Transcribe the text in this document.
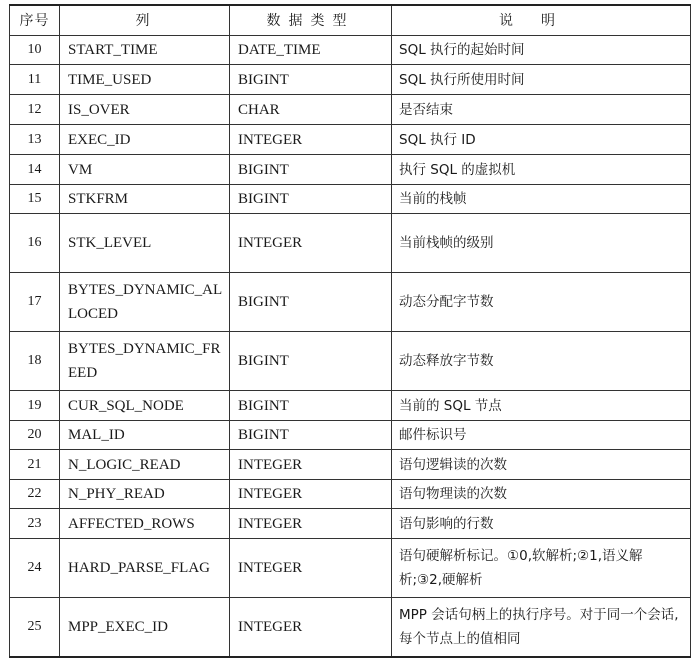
序号	列	数据类型	说明
10	START_TIME	DATE_TIME	SQL 执行的起始时间
11	TIME_USED	BIGINT	SQL 执行所使用时间
12	IS_OVER	CHAR	是否结束
13	EXEC_ID	INTEGER	SQL 执行 ID
14	VM	BIGINT	执行 SQL 的虚拟机
15	STKFRM	BIGINT	当前的栈帧
16	STK_LEVEL	INTEGER	当前栈帧的级别
17	BYTES_DYNAMIC_ALLOCED	BIGINT	动态分配字节数
18	BYTES_DYNAMIC_FREED	BIGINT	动态释放字节数
19	CUR_SQL_NODE	BIGINT	当前的 SQL 节点
20	MAL_ID	BIGINT	邮件标识号
21	N_LOGIC_READ	INTEGER	语句逻辑读的次数
22	N_PHY_READ	INTEGER	语句物理读的次数
23	AFFECTED_ROWS	INTEGER	语句影响的行数
24	HARD_PARSE_FLAG	INTEGER	语句硬解析标记。①0,软解析;②1,语义解析;③2,硬解析
25	MPP_EXEC_ID	INTEGER	MPP 会话句柄上的执行序号。对于同一个会话,每个节点上的值相同
